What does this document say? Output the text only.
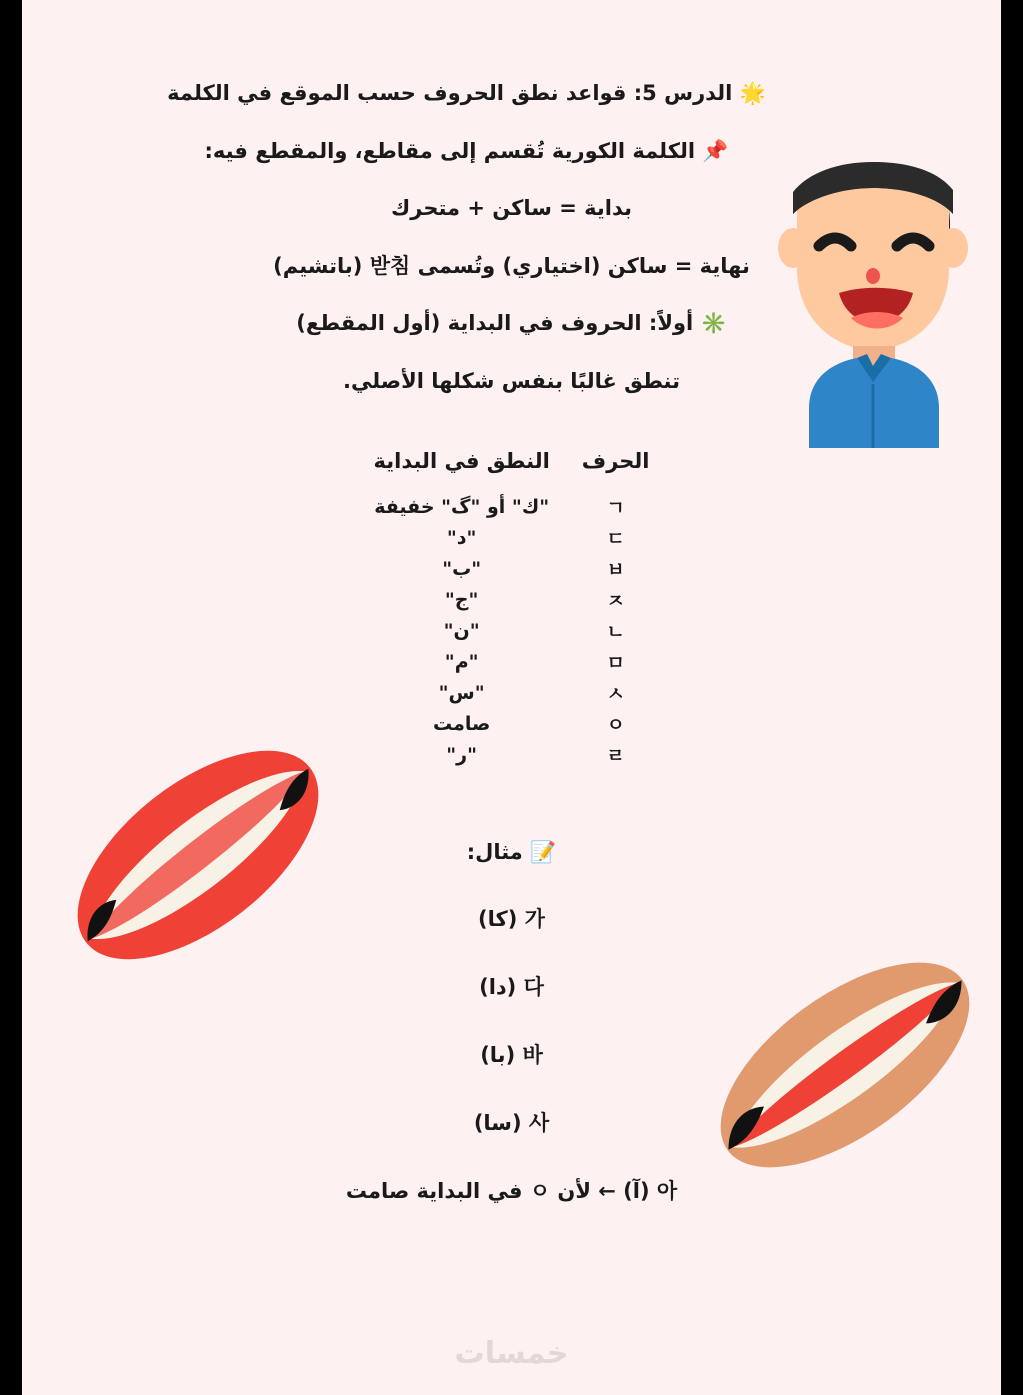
🌟 الدرس 5: قواعد نطق الحروف حسب الموقع في الكلمة

📌 الكلمة الكورية تُقسم إلى مقاطع، والمقطع فيه:

بداية = ساكن + متحرك

نهاية = ساكن (اختياري) وتُسمى 받침 (باتشيم)

✳️ أولاً: الحروف في البداية (أول المقطع)

تنطق غالبًا بنفس شكلها الأصلي.

الحرف	النطق في البداية
ㄱ	"ك" أو "گ" خفيفة
ㄷ	"د"
ㅂ	"ب"
ㅈ	"ج"
ㄴ	"ن"
ㅁ	"م"
ㅅ	"س"
ㅇ	صامت
ㄹ	"ر"

📝 مثال:

가 (كا)

다 (دا)

바 (با)

사 (سا)

아 (آ) ← لأن ㅇ في البداية صامت

خمسات
